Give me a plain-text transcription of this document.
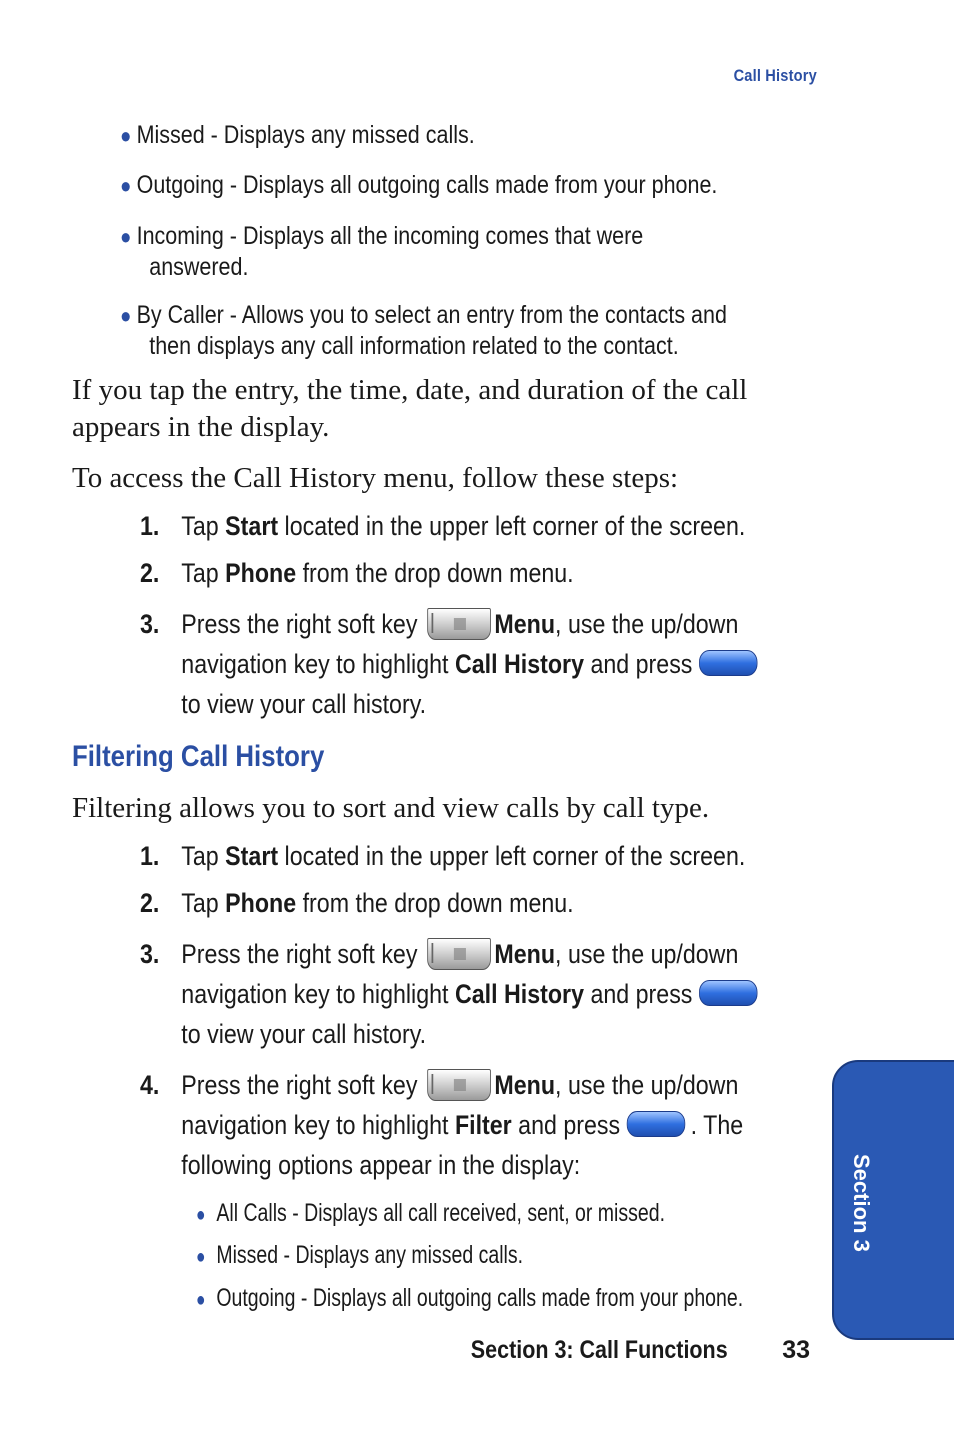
Call History
● Missed - Displays any missed calls.
● Outgoing - Displays all outgoing calls made from your phone.
● Incoming - Displays all the incoming comes that were
answered.
● By Caller - Allows you to select an entry from the contacts and
then displays any call information related to the contact.
If you tap the entry, the time, date, and duration of the call
appears in the display.
To access the Call History menu, follow these steps:
1. Tap Start located in the upper left corner of the screen.
2. Tap Phone from the drop down menu.
3. Press the right soft key	Menu, use the up/down
navigation key to highlight Call History and press
to view your call history.
Filtering Call History
Filtering allows you to sort and view calls by call type.
1. Tap Start located in the upper left corner of the screen.
2. Tap Phone from the drop down menu.
3. Press the right soft key	Menu, use the up/down
navigation key to highlight Call History and press
to view your call history.
4. Press the right soft key	Menu, use the up/down
navigation key to highlight Filter and press	. The
following options appear in the display:
● All Calls - Displays all call received, sent, or missed.
● Missed - Displays any missed calls.
● Outgoing - Displays all outgoing calls made from your phone.
Section 3
Section 3: Call Functions 33
